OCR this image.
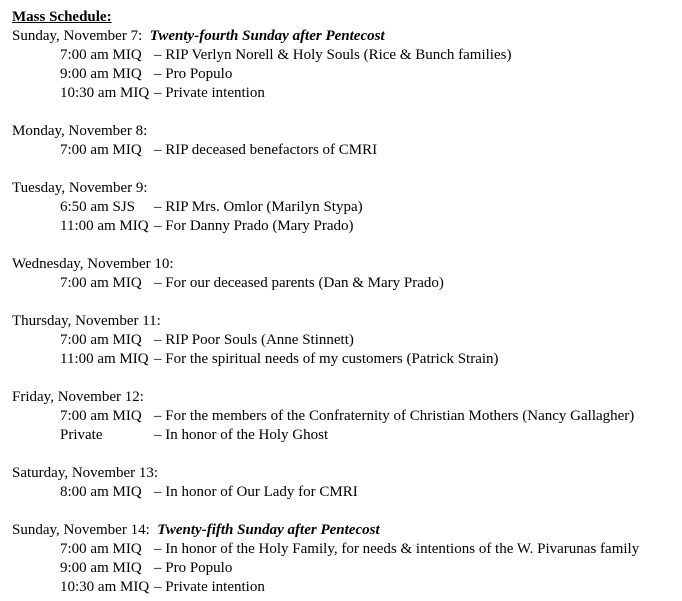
Mass Schedule:
Sunday, November 7: Twenty-fourth Sunday after Pentecost
7:00 am MIQ – RIP Verlyn Norell & Holy Souls (Rice & Bunch families)
9:00 am MIQ – Pro Populo
10:30 am MIQ – Private intention
Monday, November 8:
7:00 am MIQ – RIP deceased benefactors of CMRI
Tuesday, November 9:
6:50 am SJS – RIP Mrs. Omlor (Marilyn Stypa)
11:00 am MIQ – For Danny Prado (Mary Prado)
Wednesday, November 10:
7:00 am MIQ – For our deceased parents (Dan & Mary Prado)
Thursday, November 11:
7:00 am MIQ – RIP Poor Souls (Anne Stinnett)
11:00 am MIQ – For the spiritual needs of my customers (Patrick Strain)
Friday, November 12:
7:00 am MIQ – For the members of the Confraternity of Christian Mothers (Nancy Gallagher)
Private	– In honor of the Holy Ghost
Saturday, November 13:
8:00 am MIQ – In honor of Our Lady for CMRI
Sunday, November 14: Twenty-fifth Sunday after Pentecost
7:00 am MIQ – In honor of the Holy Family, for needs & intentions of the W. Pivarunas family
9:00 am MIQ – Pro Populo
10:30 am MIQ – Private intention
